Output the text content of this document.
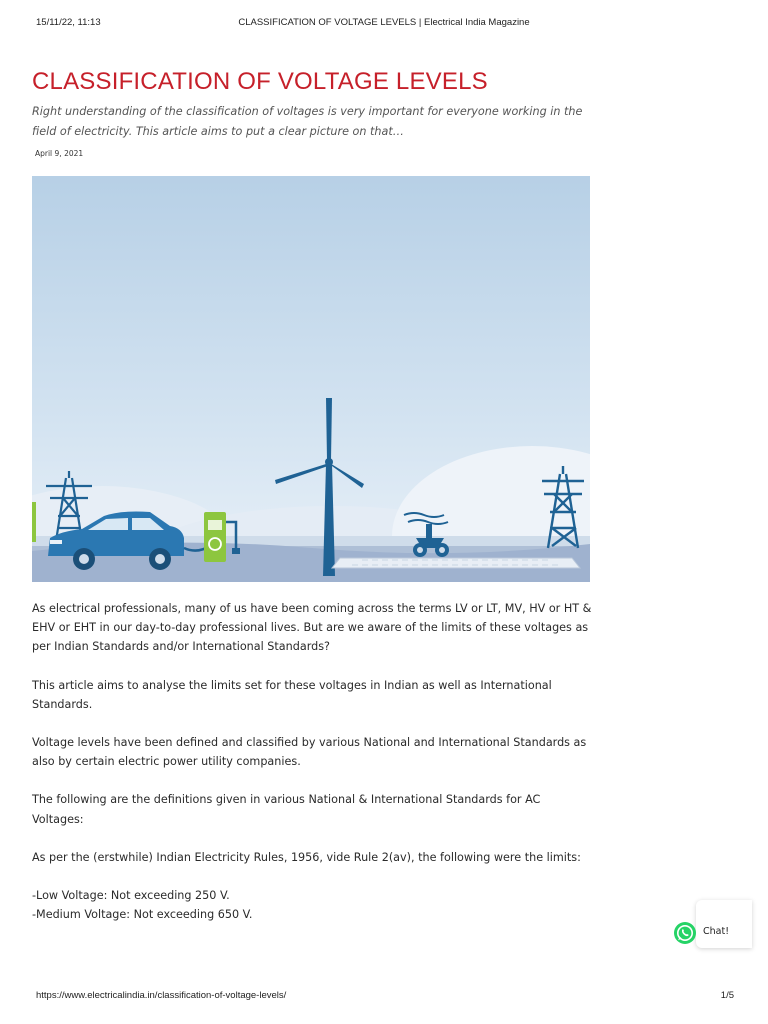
15/11/22, 11:13	CLASSIFICATION OF VOLTAGE LEVELS | Electrical India Magazine
CLASSIFICATION OF VOLTAGE LEVELS

Right understanding of the classification of voltages is very important for everyone working in the field of electricity. This article aims to put a clear picture on that…

April 9, 2021

As electrical professionals, many of us have been coming across the terms LV or LT, MV, HV or HT & EHV or EHT in our day-to-day professional lives. But are we aware of the limits of these voltages as per Indian Standards and/or International Standards?

This article aims to analyse the limits set for these voltages in Indian as well as International Standards.

Voltage levels have been defined and classified by various National and International Standards as also by certain electric power utility companies.

The following are the definitions given in various National & International Standards for AC Voltages:

As per the (erstwhile) Indian Electricity Rules, 1956, vide Rule 2(av), the following were the limits:

-Low Voltage: Not exceeding 250 V.

-Medium Voltage: Not exceeding 650 V.

Chat!
https://www.electricalindia.in/classification-of-voltage-levels/	1/5
